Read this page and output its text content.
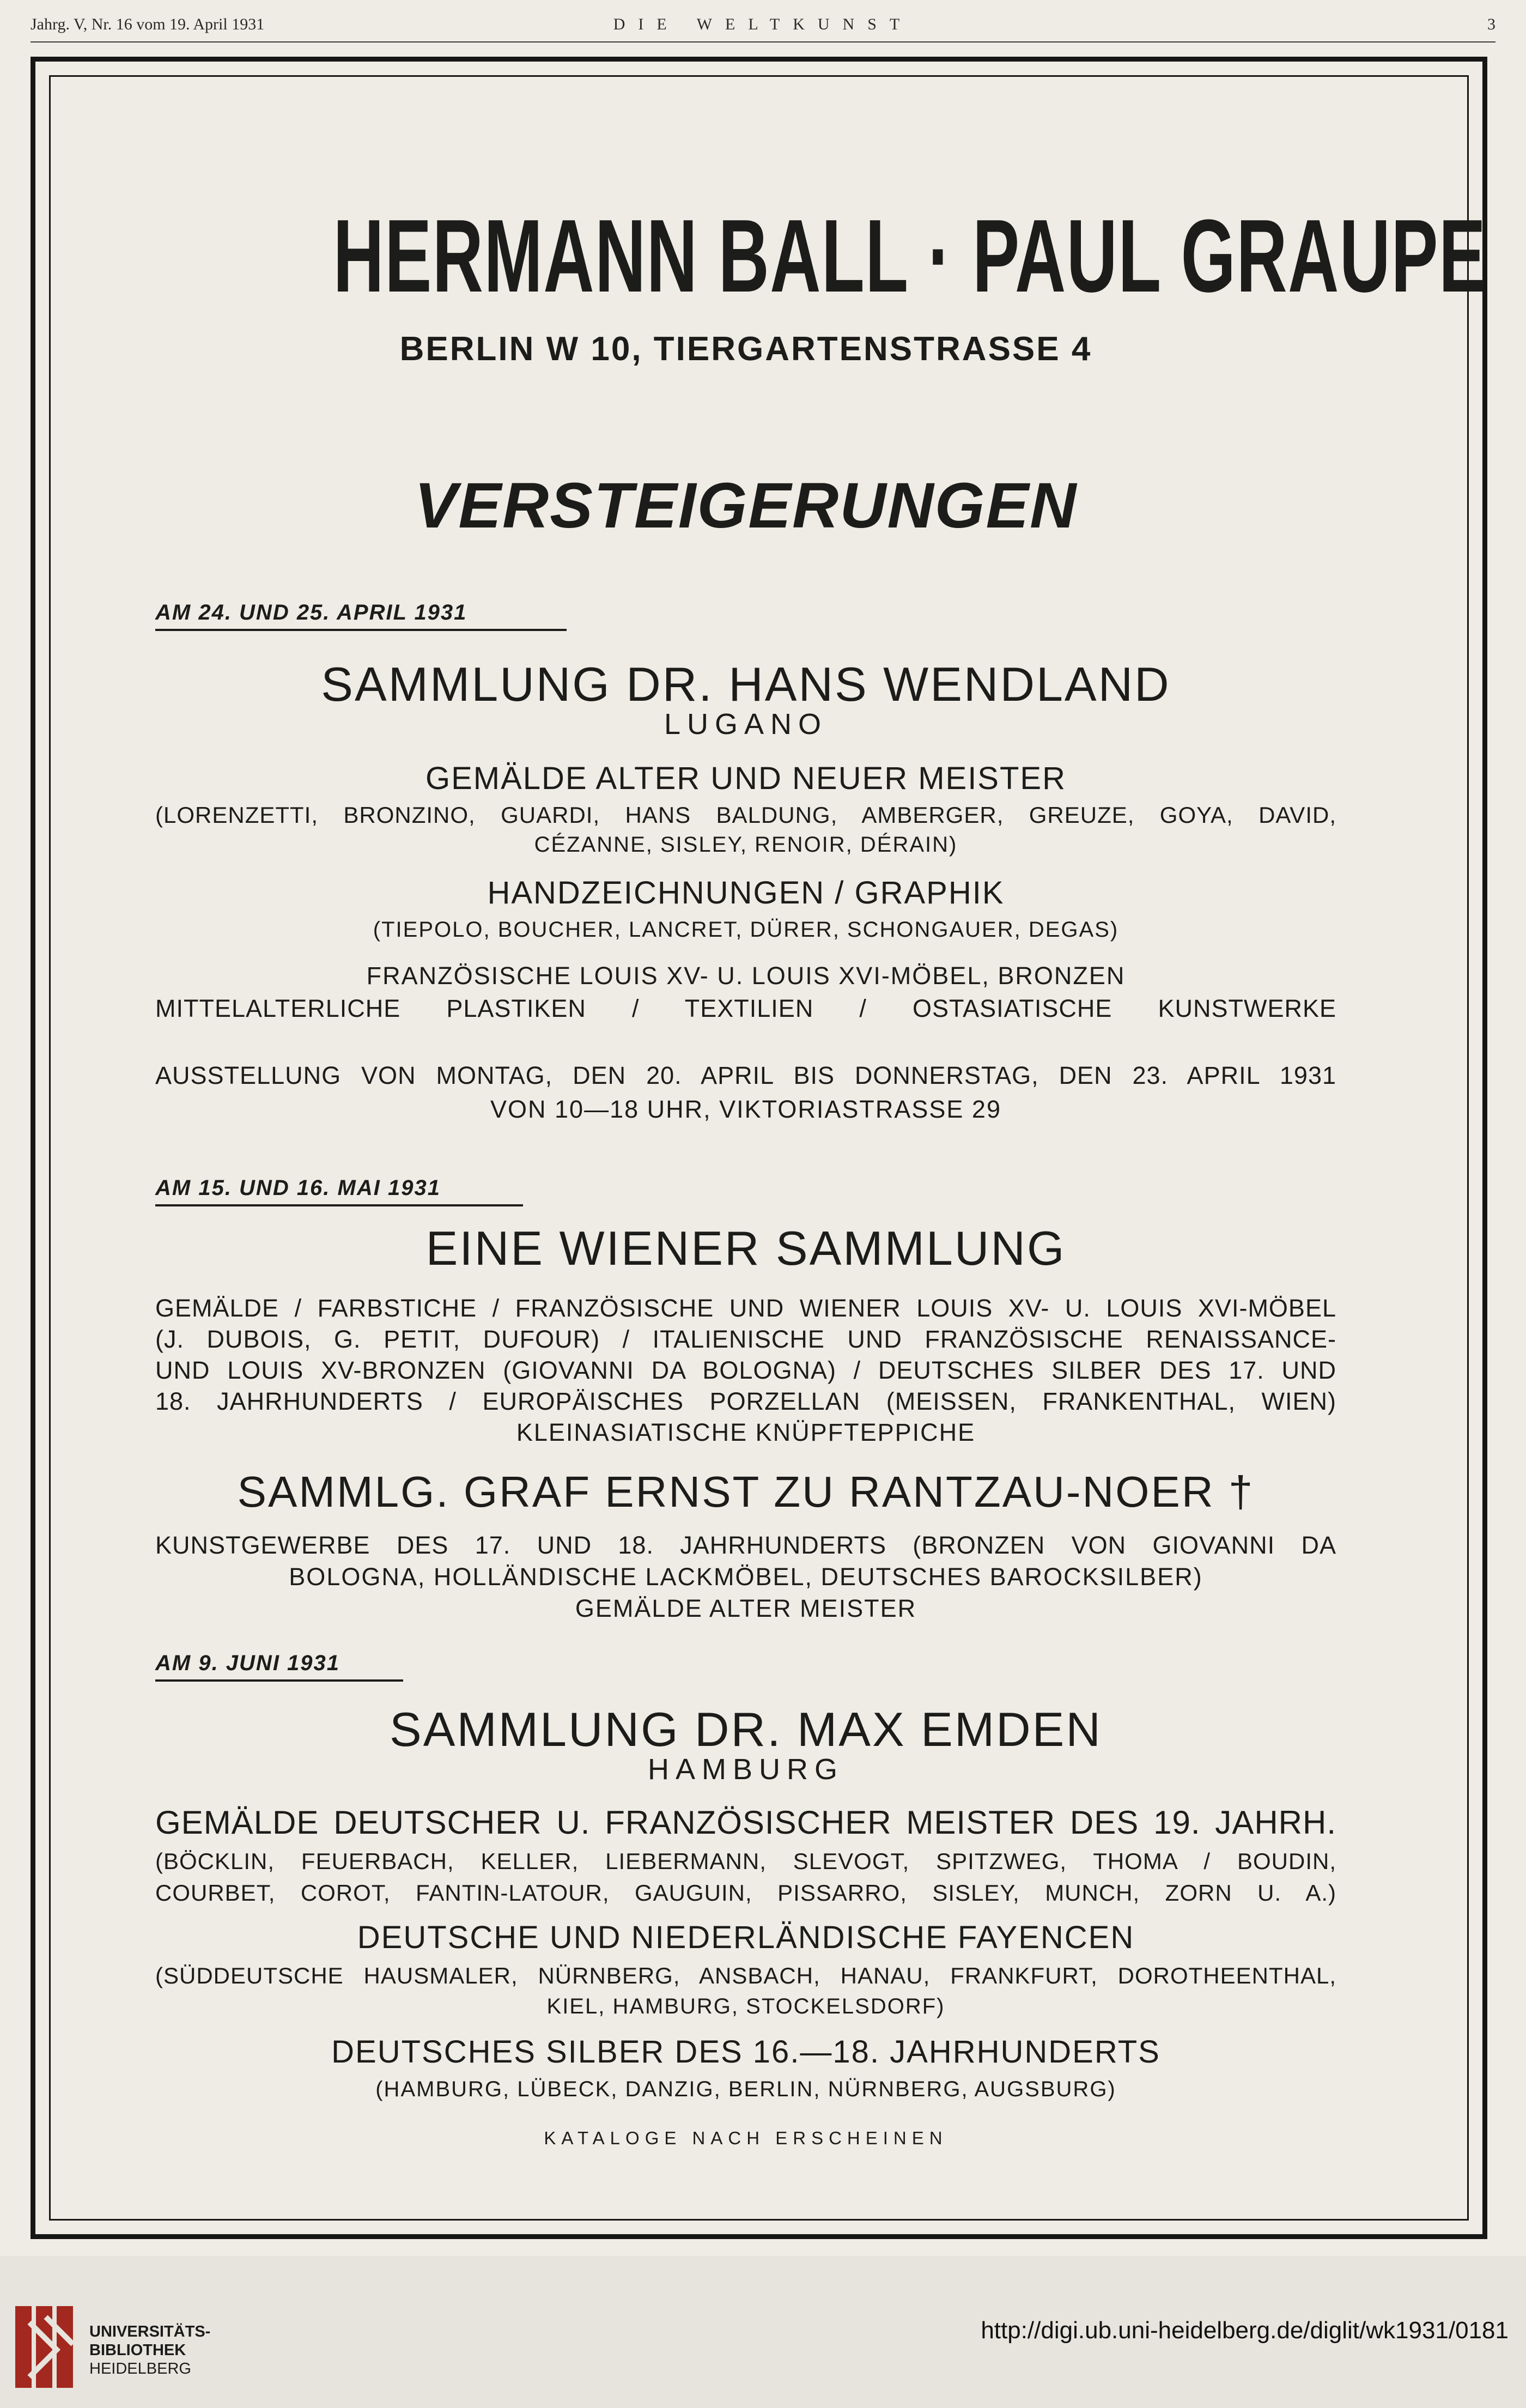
Jahrg. V, Nr. 16 vom 19. April 1931	DIE WELTKUNST	3
HERMANN BALL · PAUL GRAUPE
BERLIN W 10, TIERGARTENSTRASSE 4
VERSTEIGERUNGEN
AM 24. UND 25. APRIL 1931
SAMMLUNG DR. HANS WENDLAND
LUGANO
GEMÄLDE ALTER UND NEUER MEISTER
(LORENZETTI, BRONZINO, GUARDI, HANS BALDUNG, AMBERGER, GREUZE, GOYA, DAVID,
CÉZANNE, SISLEY, RENOIR, DÉRAIN)
HANDZEICHNUNGEN / GRAPHIK
(TIEPOLO, BOUCHER, LANCRET, DÜRER, SCHONGAUER, DEGAS)
FRANZÖSISCHE LOUIS XV- U. LOUIS XVI-MÖBEL, BRONZEN
MITTELALTERLICHE PLASTIKEN / TEXTILIEN / OSTASIATISCHE KUNSTWERKE
AUSSTELLUNG VON MONTAG, DEN 20. APRIL BIS DONNERSTAG, DEN 23. APRIL 1931
VON 10—18 UHR, VIKTORIASTRASSE 29
AM 15. UND 16. MAI 1931
EINE WIENER SAMMLUNG
GEMÄLDE / FARBSTICHE / FRANZÖSISCHE UND WIENER LOUIS XV- U. LOUIS XVI-MÖBEL
(J. DUBOIS, G. PETIT, DUFOUR) / ITALIENISCHE UND FRANZÖSISCHE RENAISSANCE-
UND LOUIS XV-BRONZEN (GIOVANNI DA BOLOGNA) / DEUTSCHES SILBER DES 17. UND
18. JAHRHUNDERTS / EUROPÄISCHES PORZELLAN (MEISSEN, FRANKENTHAL, WIEN)
KLEINASIATISCHE KNÜPFTEPPICHE
SAMMLG. GRAF ERNST ZU RANTZAU-NOER †
KUNSTGEWERBE DES 17. UND 18. JAHRHUNDERTS (BRONZEN VON GIOVANNI DA
BOLOGNA, HOLLÄNDISCHE LACKMÖBEL, DEUTSCHES BAROCKSILBER)
GEMÄLDE ALTER MEISTER
AM 9. JUNI 1931
SAMMLUNG DR. MAX EMDEN
HAMBURG
GEMÄLDE DEUTSCHER U. FRANZÖSISCHER MEISTER DES 19. JAHRH.
(BÖCKLIN, FEUERBACH, KELLER, LIEBERMANN, SLEVOGT, SPITZWEG, THOMA / BOUDIN,
COURBET, COROT, FANTIN-LATOUR, GAUGUIN, PISSARRO, SISLEY, MUNCH, ZORN U. A.)
DEUTSCHE UND NIEDERLÄNDISCHE FAYENCEN
(SÜDDEUTSCHE HAUSMALER, NÜRNBERG, ANSBACH, HANAU, FRANKFURT, DOROTHEENTHAL,
KIEL, HAMBURG, STOCKELSDORF)
DEUTSCHES SILBER DES 16.—18. JAHRHUNDERTS
(HAMBURG, LÜBECK, DANZIG, BERLIN, NÜRNBERG, AUGSBURG)
KATALOGE NACH ERSCHEINEN
UNIVERSITÄTS-
BIBLIOTHEK
HEIDELBERG
http://digi.ub.uni-heidelberg.de/diglit/wk1931/0181
